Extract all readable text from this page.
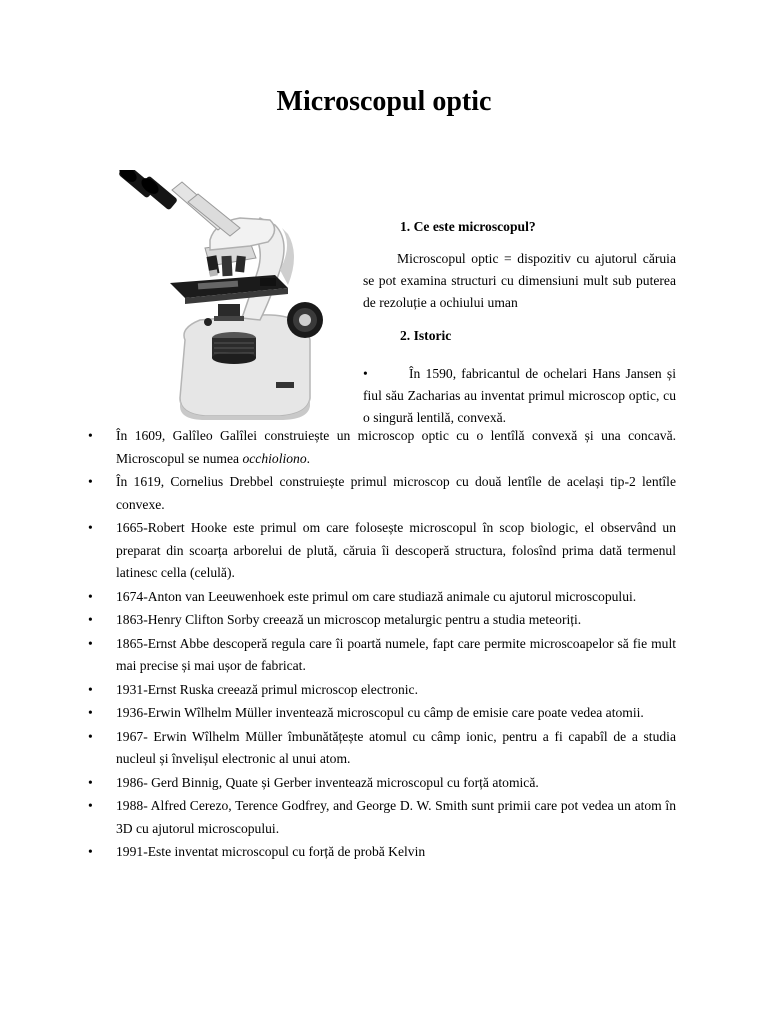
Microscopul optic
1. Ce este microscopul?

Microscopul optic = dispozitiv cu ajutorul căruia se pot examina structuri cu dimensiuni mult sub puterea de rezoluție a ochiului uman

2. Istoric

•	În 1590, fabricantul de ochelari Hans Jansen și fiul său Zacharias au inventat primul microscop optic, cu o singură lentilă, convexă.

• În 1609, Galîleo Galîlei construiește un microscop optic cu o lentîlă convexă și una concavă. Microscopul se numea occhioliono.
• În 1619, Cornelius Drebbel construiește primul microscop cu două lentîle de același tip-2 lentîle convexe.
• 1665-Robert Hooke este primul om care folosește microscopul în scop biologic, el observând un preparat din scoarța arborelui de plută, căruia îi descoperă structura, folosînd prima dată termenul latinesc cella (celulă).
• 1674-Anton van Leeuwenhoek este primul om care studiază animale cu ajutorul microscopului.
• 1863-Henry Clifton Sorby creează un microscop metalurgic pentru a studia meteoriți.
• 1865-Ernst Abbe descoperă regula care îi poartă numele, fapt care permite microscoapelor să fie mult mai precise și mai ușor de fabricat.
• 1931-Ernst Ruska creează primul microscop electronic.
• 1936-Erwin Wîlhelm Müller inventează microscopul cu câmp de emisie care poate vedea atomii.
• 1967- Erwin Wîlhelm Müller îmbunătățește atomul cu câmp ionic, pentru a fi capabîl de a studia nucleul și învelișul electronic al unui atom.
• 1986- Gerd Binnig, Quate și Gerber inventează microscopul cu forță atomică.
• 1988- Alfred Cerezo, Terence Godfrey, and George D. W. Smith sunt primii care pot vedea un atom în 3D cu ajutorul microscopului.
• 1991-Este inventat microscopul cu forță de probă Kelvin
